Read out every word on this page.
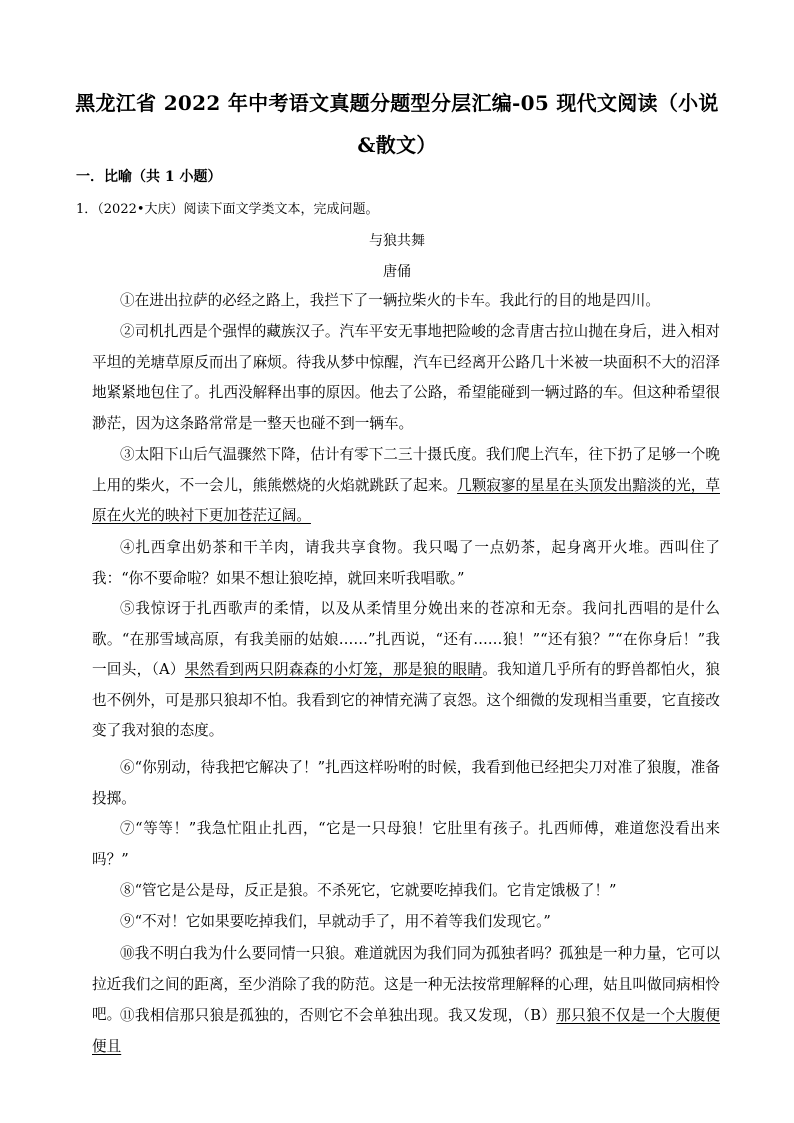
黑龙江省 2022 年中考语文真题分题型分层汇编-05 现代文阅读（小说&散文）
一．比喻（共 1 小题）
1．（2022•大庆）阅读下面文学类文本，完成问题。
与狼共舞
唐俑
①在进出拉萨的必经之路上，我拦下了一辆拉柴火的卡车。我此行的目的地是四川。
②司机扎西是个强悍的藏族汉子。汽车平安无事地把险峻的念青唐古拉山抛在身后，进入相对平坦的羌塘草原反而出了麻烦。待我从梦中惊醒，汽车已经离开公路几十米被一块面积不大的沼泽地紧紧地包住了。扎西没解释出事的原因。他去了公路，希望能碰到一辆过路的车。但这种希望很渺茫，因为这条路常常是一整天也碰不到一辆车。
③太阳下山后气温骤然下降，估计有零下二三十摄氏度。我们爬上汽车，往下扔了足够一个晚上用的柴火，不一会儿，熊熊燃烧的火焰就跳跃了起来。几颗寂寥的星星在头顶发出黯淡的光，草原在火光的映衬下更加苍茫辽阔。
④扎西拿出奶茶和干羊肉，请我共享食物。我只喝了一点奶茶，起身离开火堆。西叫住了我：“你不要命啦？如果不想让狼吃掉，就回来听我唱歌。”
⑤我惊讶于扎西歌声的柔情，以及从柔情里分娩出来的苍凉和无奈。我问扎西唱的是什么歌。“在那雪域高原，有我美丽的姑娘……”扎西说，“还有……狼！”“还有狼？”“在你身后！”我一回头，（A）果然看到两只阴森森的小灯笼，那是狼的眼睛。我知道几乎所有的野兽都怕火，狼也不例外，可是那只狼却不怕。我看到它的神情充满了哀怨。这个细微的发现相当重要，它直接改变了我对狼的态度。
⑥“你别动，待我把它解决了！”扎西这样吩咐的时候，我看到他已经把尖刀对准了狼腹，准备投掷。
⑦“等等！”我急忙阻止扎西，“它是一只母狼！它肚里有孩子。扎西师傅，难道您没看出来吗？”
⑧“管它是公是母，反正是狼。不杀死它，它就要吃掉我们。它肯定饿极了！”
⑨“不对！它如果要吃掉我们，早就动手了，用不着等我们发现它。”
⑩我不明白我为什么要同情一只狼。难道就因为我们同为孤独者吗？孤独是一种力量，它可以拉近我们之间的距离，至少消除了我的防范。这是一种无法按常理解释的心理，姑且叫做同病相怜吧。
⑪我相信那只狼是孤独的，否则它不会单独出现。我又发现，（B）那只狼不仅是一个大腹便便且
